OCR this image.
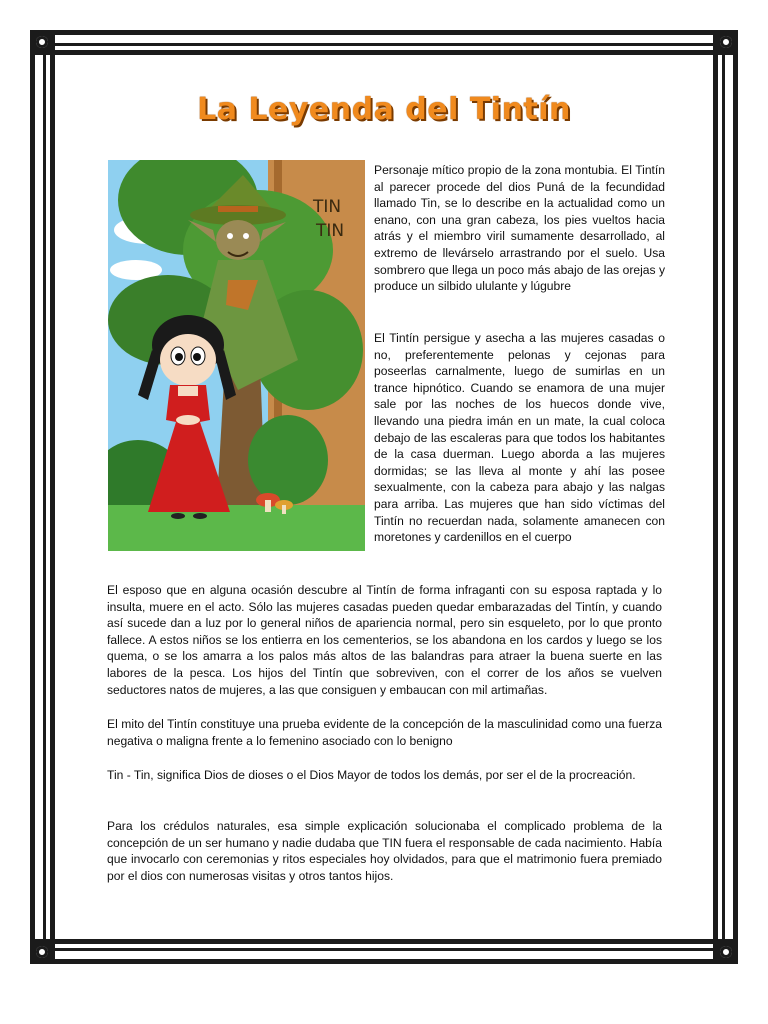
La Leyenda del Tintín
TIN
TIN
Personaje mítico propio de la zona montubia. El Tintín al parecer procede del dios Puná de la fecundidad llamado Tin, se lo describe en la actualidad como un enano, con una gran cabeza, los pies vueltos hacia atrás y el miembro viril sumamente desarrollado, al extremo de llevárselo arrastrando por el suelo. Usa sombrero que llega un poco más abajo de las orejas y produce un silbido ululante y lúgubre
El Tintín persigue y asecha a las mujeres casadas o no, preferentemente pelonas y cejonas para poseerlas carnalmente, luego de sumirlas en un trance hipnótico. Cuando se enamora de una mujer sale por las noches de los huecos donde vive, llevando una piedra imán en un mate, la cual coloca debajo de las escaleras para que todos los habitantes de la casa duerman. Luego aborda a las mujeres dormidas; se las lleva al monte y ahí las posee sexualmente, con la cabeza para abajo y las nalgas para arriba. Las mujeres que han sido víctimas del Tintín no recuerdan nada, solamente amanecen con moretones y cardenillos en el cuerpo
El esposo que en alguna ocasión descubre al Tintín de forma infraganti con su esposa raptada y lo insulta, muere en el acto. Sólo las mujeres casadas pueden quedar embarazadas del Tintín, y cuando así sucede dan a luz por lo general niños de apariencia normal, pero sin esqueleto, por lo que pronto fallece. A estos niños se los entierra en los cementerios, se los abandona en los cardos y luego se los quema, o se los amarra a los palos más altos de las balandras para atraer la buena suerte en las labores de la pesca. Los hijos del Tintín que sobreviven, con el correr de los años se vuelven seductores natos de mujeres, a las que consiguen y embaucan con mil artimañas.
El mito del Tintín constituye una prueba evidente de la concepción de la masculinidad como una fuerza negativa o maligna frente a lo femenino asociado con lo benigno
Tin - Tin, significa Dios de dioses o el Dios Mayor de todos los demás, por ser el de la procreación.
Para los crédulos naturales, esa simple explicación solucionaba el complicado problema de la concepción de un ser humano y nadie dudaba que TIN fuera el responsable de cada nacimiento. Había que invocarlo con ceremonias y ritos especiales hoy olvidados, para que el matrimonio fuera premiado por el dios con numerosas visitas y otros tantos hijos.
